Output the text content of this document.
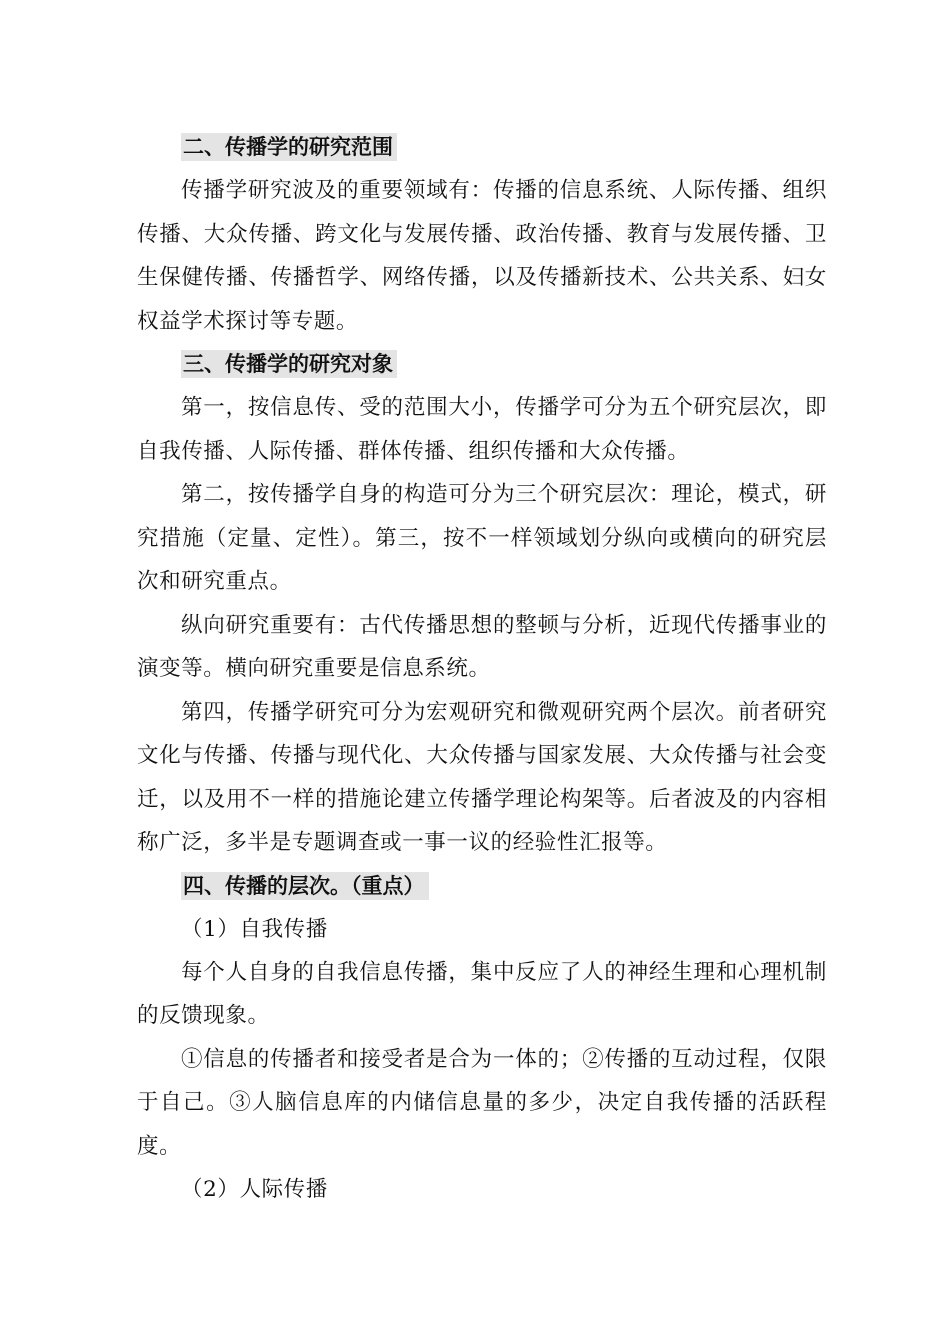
二、传播学的研究范围

传播学研究波及的重要领域有：传播的信息系统、人际传播、组织传播、大众传播、跨文化与发展传播、政治传播、教育与发展传播、卫生保健传播、传播哲学、网络传播，以及传播新技术、公共关系、妇女权益学术探讨等专题。

三、传播学的研究对象

第一，按信息传、受的范围大小，传播学可分为五个研究层次，即自我传播、人际传播、群体传播、组织传播和大众传播。

第二，按传播学自身的构造可分为三个研究层次：理论，模式，研究措施（定量、定性）。第三，按不一样领域划分纵向或横向的研究层次和研究重点。

纵向研究重要有：古代传播思想的整顿与分析，近现代传播事业的演变等。横向研究重要是信息系统。

第四，传播学研究可分为宏观研究和微观研究两个层次。前者研究文化与传播、传播与现代化、大众传播与国家发展、大众传播与社会变迁，以及用不一样的措施论建立传播学理论构架等。后者波及的内容相称广泛，多半是专题调查或一事一议的经验性汇报等。

四、传播的层次。（重点）
（1）自我传播

每个人自身的自我信息传播，集中反应了人的神经生理和心理机制的反馈现象。

①信息的传播者和接受者是合为一体的；②传播的互动过程，仅限于自己。③人脑信息库的内储信息量的多少，决定自我传播的活跃程度。

（2）人际传播
